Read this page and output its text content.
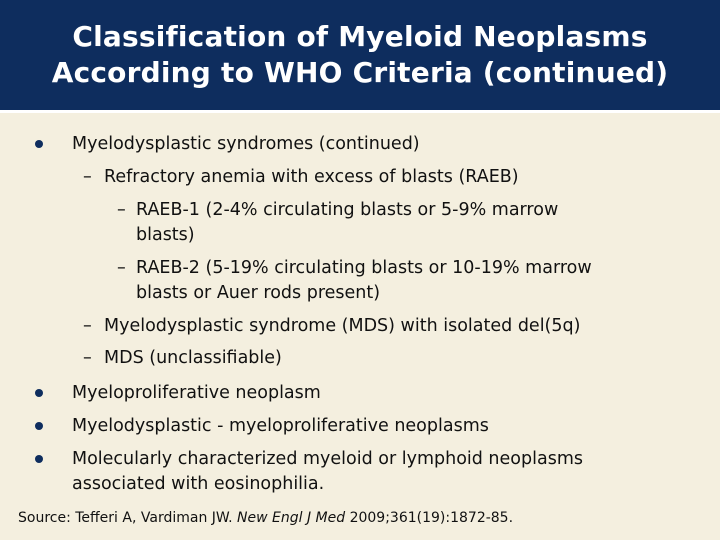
Classification of Myeloid Neoplasms
According to WHO Criteria (continued)
Myelodysplastic syndromes (continued)
– Refractory anemia with excess of blasts (RAEB)
– RAEB-1 (2-4% circulating blasts or 5-9% marrow
blasts)
– RAEB-2 (5-19% circulating blasts or 10-19% marrow
blasts or Auer rods present)
– Myelodysplastic syndrome (MDS) with isolated del(5q)
– MDS (unclassifiable)
Myeloproliferative neoplasm
Myelodysplastic - myeloproliferative neoplasms
Molecularly characterized myeloid or lymphoid neoplasms
associated with eosinophilia.
Source: Tefferi A, Vardiman JW. New Engl J Med 2009;361(19):1872-85.
